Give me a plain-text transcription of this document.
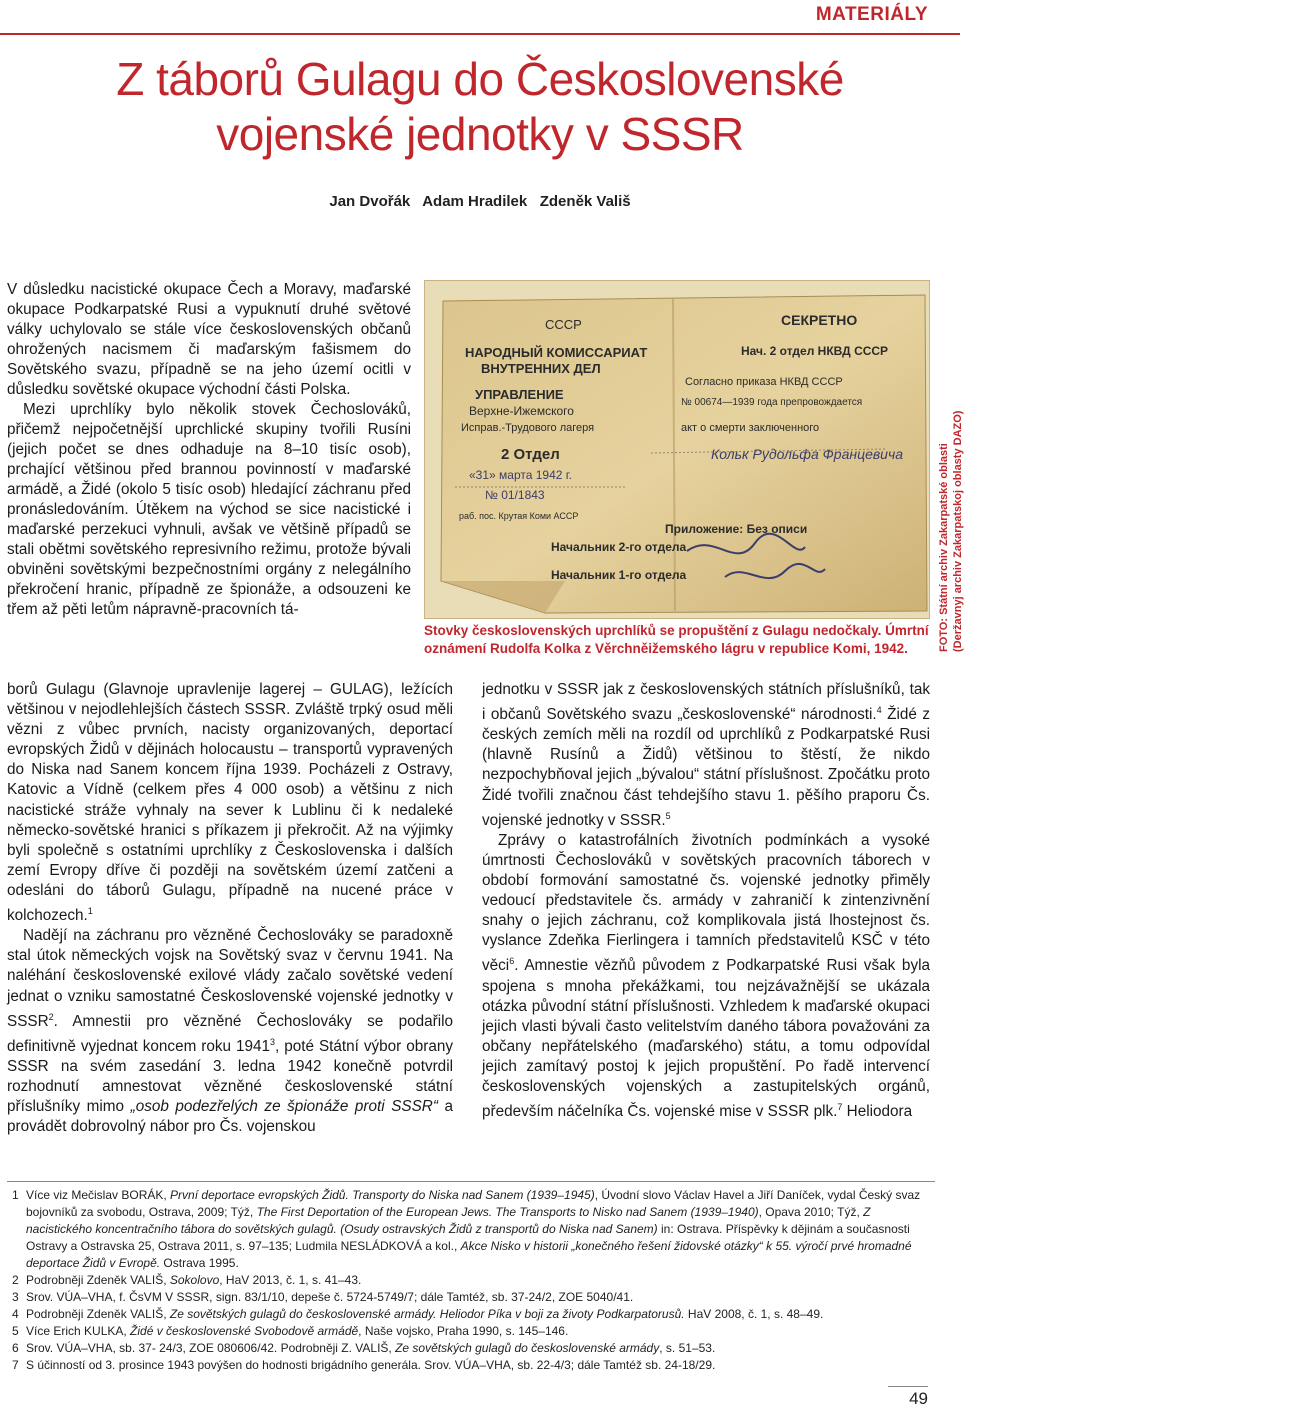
MATERIÁLY
Z táborů Gulagu do Československé
vojenské jednotky v SSSR
Jan Dvořák   Adam Hradilek   Zdeněk Vališ

V důsledku nacistické okupace Čech a Moravy, maďarské okupace Podkarpatské Rusi a vypuknutí druhé světové války uchylovalo se stále více československých občanů ohrožených nacismem či maďarským fašismem do Sovětského svazu, případně se na jeho území ocitli v důsledku sovětské okupace východní části Polska.

Mezi uprchlíky bylo několik stovek Čechoslováků, přičemž nejpočetnější uprchlické skupiny tvořili Rusíni (jejich počet se dnes odhaduje na 8–10 tisíc osob), prchající většinou před brannou povinností v maďarské armádě, a Židé (okolo 5 tisíc osob) hledající záchranu před pronásledováním. Útěkem na východ se sice nacistické i maďarské perzekuci vyhnuli, avšak ve většině případů se stali obětmi sovětského represivního režimu, protože bývali obviněni sovětskými bezpečnostními orgány z nelegálního překročení hranic, případně ze špionáže, a odsouzeni ke třem až pěti letům nápravně-pracovních tá-

СССР
НАРОДНЫЙ КОМИССАРИАТ
ВНУТРЕННИХ ДЕЛ
УПРАВЛЕНИЕ
Верхне-Ижемского
Исправ.-Трудового лагеря
2 Отдел
«31» марта 1942 г.
№ 01/1843
раб. пос. Крутая Коми АССР
СЕКРЕТНО
Нач. 2 отдел НКВД СССР
Согласно приказа НКВД СССР
№ 00674—1939 года препровождается
акт о смерти заключенного
Кольк Рудольфа Францевича
Приложение: Без описи
Начальник 2-го отдела
Начальник 1-го отдела
Stovky československých uprchlíků se propuštění z Gulagu nedočkaly. Úmrtní oznámení Rudolfa Kolka z Věrchněižemského lágru v republice Komi, 1942.	FOTO: Státní archiv Zakarpatské oblasti (Deržavnyj archiv Zakarpatskoj oblasty DAZO)

borů Gulagu (Glavnoje upravlenije lagerej – GULAG), ležících většinou v nejodlehlejších částech SSSR. Zvláště trpký osud měli vězni z vůbec prvních, nacisty organizovaných, deportací evropských Židů v dějinách holocaustu – transportů vypravených do Niska nad Sanem koncem října 1939. Pocházeli z Ostravy, Katovic a Vídně (celkem přes 4 000 osob) a většinu z nich nacistické stráže vyhnaly na sever k Lublinu či k nedaleké německo-sovětské hranici s příkazem ji překročit. Až na výjimky byli společně s ostatními uprchlíky z Československa i dalších zemí Evropy dříve či později na sovětském území zatčeni a odesláni do táborů Gulagu, případně na nucené práce v kolchozech.$^1$

Nadějí na záchranu pro vězněné Čechoslováky se paradoxně stal útok německých vojsk na Sovětský svaz v červnu 1941. Na naléhání československé exilové vlády začalo sovětské vedení jednat o vzniku samostatné Československé vojenské jednotky v SSSR$^2$. Amnestii pro vězněné Čechoslováky se podařilo definitivně vyjednat koncem roku 1941$^3$, poté Státní výbor obrany SSSR na svém zasedání 3. ledna 1942 konečně potvrdil rozhodnutí amnestovat vězněné československé státní příslušníky mimo „osob podezřelých ze špionáže proti SSSR“ a provádět dobrovolný nábor pro Čs. vojenskou

jednotku v SSSR jak z československých státních příslušníků, tak i občanů Sovětského svazu „československé“ národnosti.$^4$ Židé z českých zemích měli na rozdíl od uprchlíků z Podkarpatské Rusi (hlavně Rusínů a Židů) většinou to štěstí, že nikdo nezpochybňoval jejich „bývalou“ státní příslušnost. Zpočátku proto Židé tvořili značnou část tehdejšího stavu 1. pěšího praporu Čs. vojenské jednotky v SSSR.$^5$

Zprávy o katastrofálních životních podmínkách a vysoké úmrtnosti Čechoslováků v sovětských pracovních táborech v období formování samostatné čs. vojenské jednotky přiměly vedoucí představitele čs. armády v zahraničí k zintenzivnění snahy o jejich záchranu, což komplikovala jistá lhostejnost čs. vyslance Zdeňka Fierlingera i tamních představitelů KSČ v této věci$^6$. Amnestie vězňů původem z Podkarpatské Rusi však byla spojena s mnoha překážkami, tou nejzávažnější se ukázala otázka původní státní příslušnosti. Vzhledem k maďarské okupaci jejich vlasti bývali často velitelstvím daného tábora považováni za občany nepřátelského (maďarského) státu, a tomu odpovídal jejich zamítavý postoj k jejich propuštění. Po řadě intervencí československých vojenských a zastupitelských orgánů, především náčelníka Čs. vojenské mise v SSSR plk.$^7$ Heliodora

1 Více viz Mečislav BORÁK, První deportace evropských Židů. Transporty do Niska nad Sanem (1939–1945), Úvodní slovo Václav Havel a Jiří Daníček, vydal Český svaz bojovníků za svobodu, Ostrava, 2009; Týž, The First Deportation of the European Jews. The Transports to Nisko nad Sanem (1939–1940), Opava 2010; Týž, Z nacistického koncentračního tábora do sovětských gulagů. (Osudy ostravských Židů z transportů do Niska nad Sanem) in: Ostrava. Příspěvky k dějinám a současnosti Ostravy a Ostravska 25, Ostrava 2011, s. 97–135; Ludmila NESLÁDKOVÁ a kol., Akce Nisko v historii „konečného řešení židovské otázky“ k 55. výročí prvé hromadné deportace Židů v Evropě. Ostrava 1995.
2 Podrobněji Zdeněk VALIŠ, Sokolovo, HaV 2013, č. 1, s. 41–43.
3 Srov. VÚA–VHA, f. ČsVM V SSSR, sign. 83/1/10, depeše č. 5724-5749/7; dále Tamtéž, sb. 37-24/2, ZOE 5040/41.
4 Podrobněji Zdeněk VALIŠ, Ze sovětských gulagů do československé armády. Heliodor Píka v boji za životy Podkarpatorusů. HaV 2008, č. 1, s. 48–49.
5 Více Erich KULKA, Židé v československé Svobodově armádě, Naše vojsko, Praha 1990, s. 145–146.
6 Srov. VÚA–VHA, sb. 37- 24/3, ZOE 080606/42. Podrobněji Z. VALIŠ, Ze sovětských gulagů do československé armády, s. 51–53.
7 S účinností od 3. prosince 1943 povýšen do hodnosti brigádního generála. Srov. VÚA–VHA, sb. 22-4/3; dále Tamtéž sb. 24-18/29.
49
